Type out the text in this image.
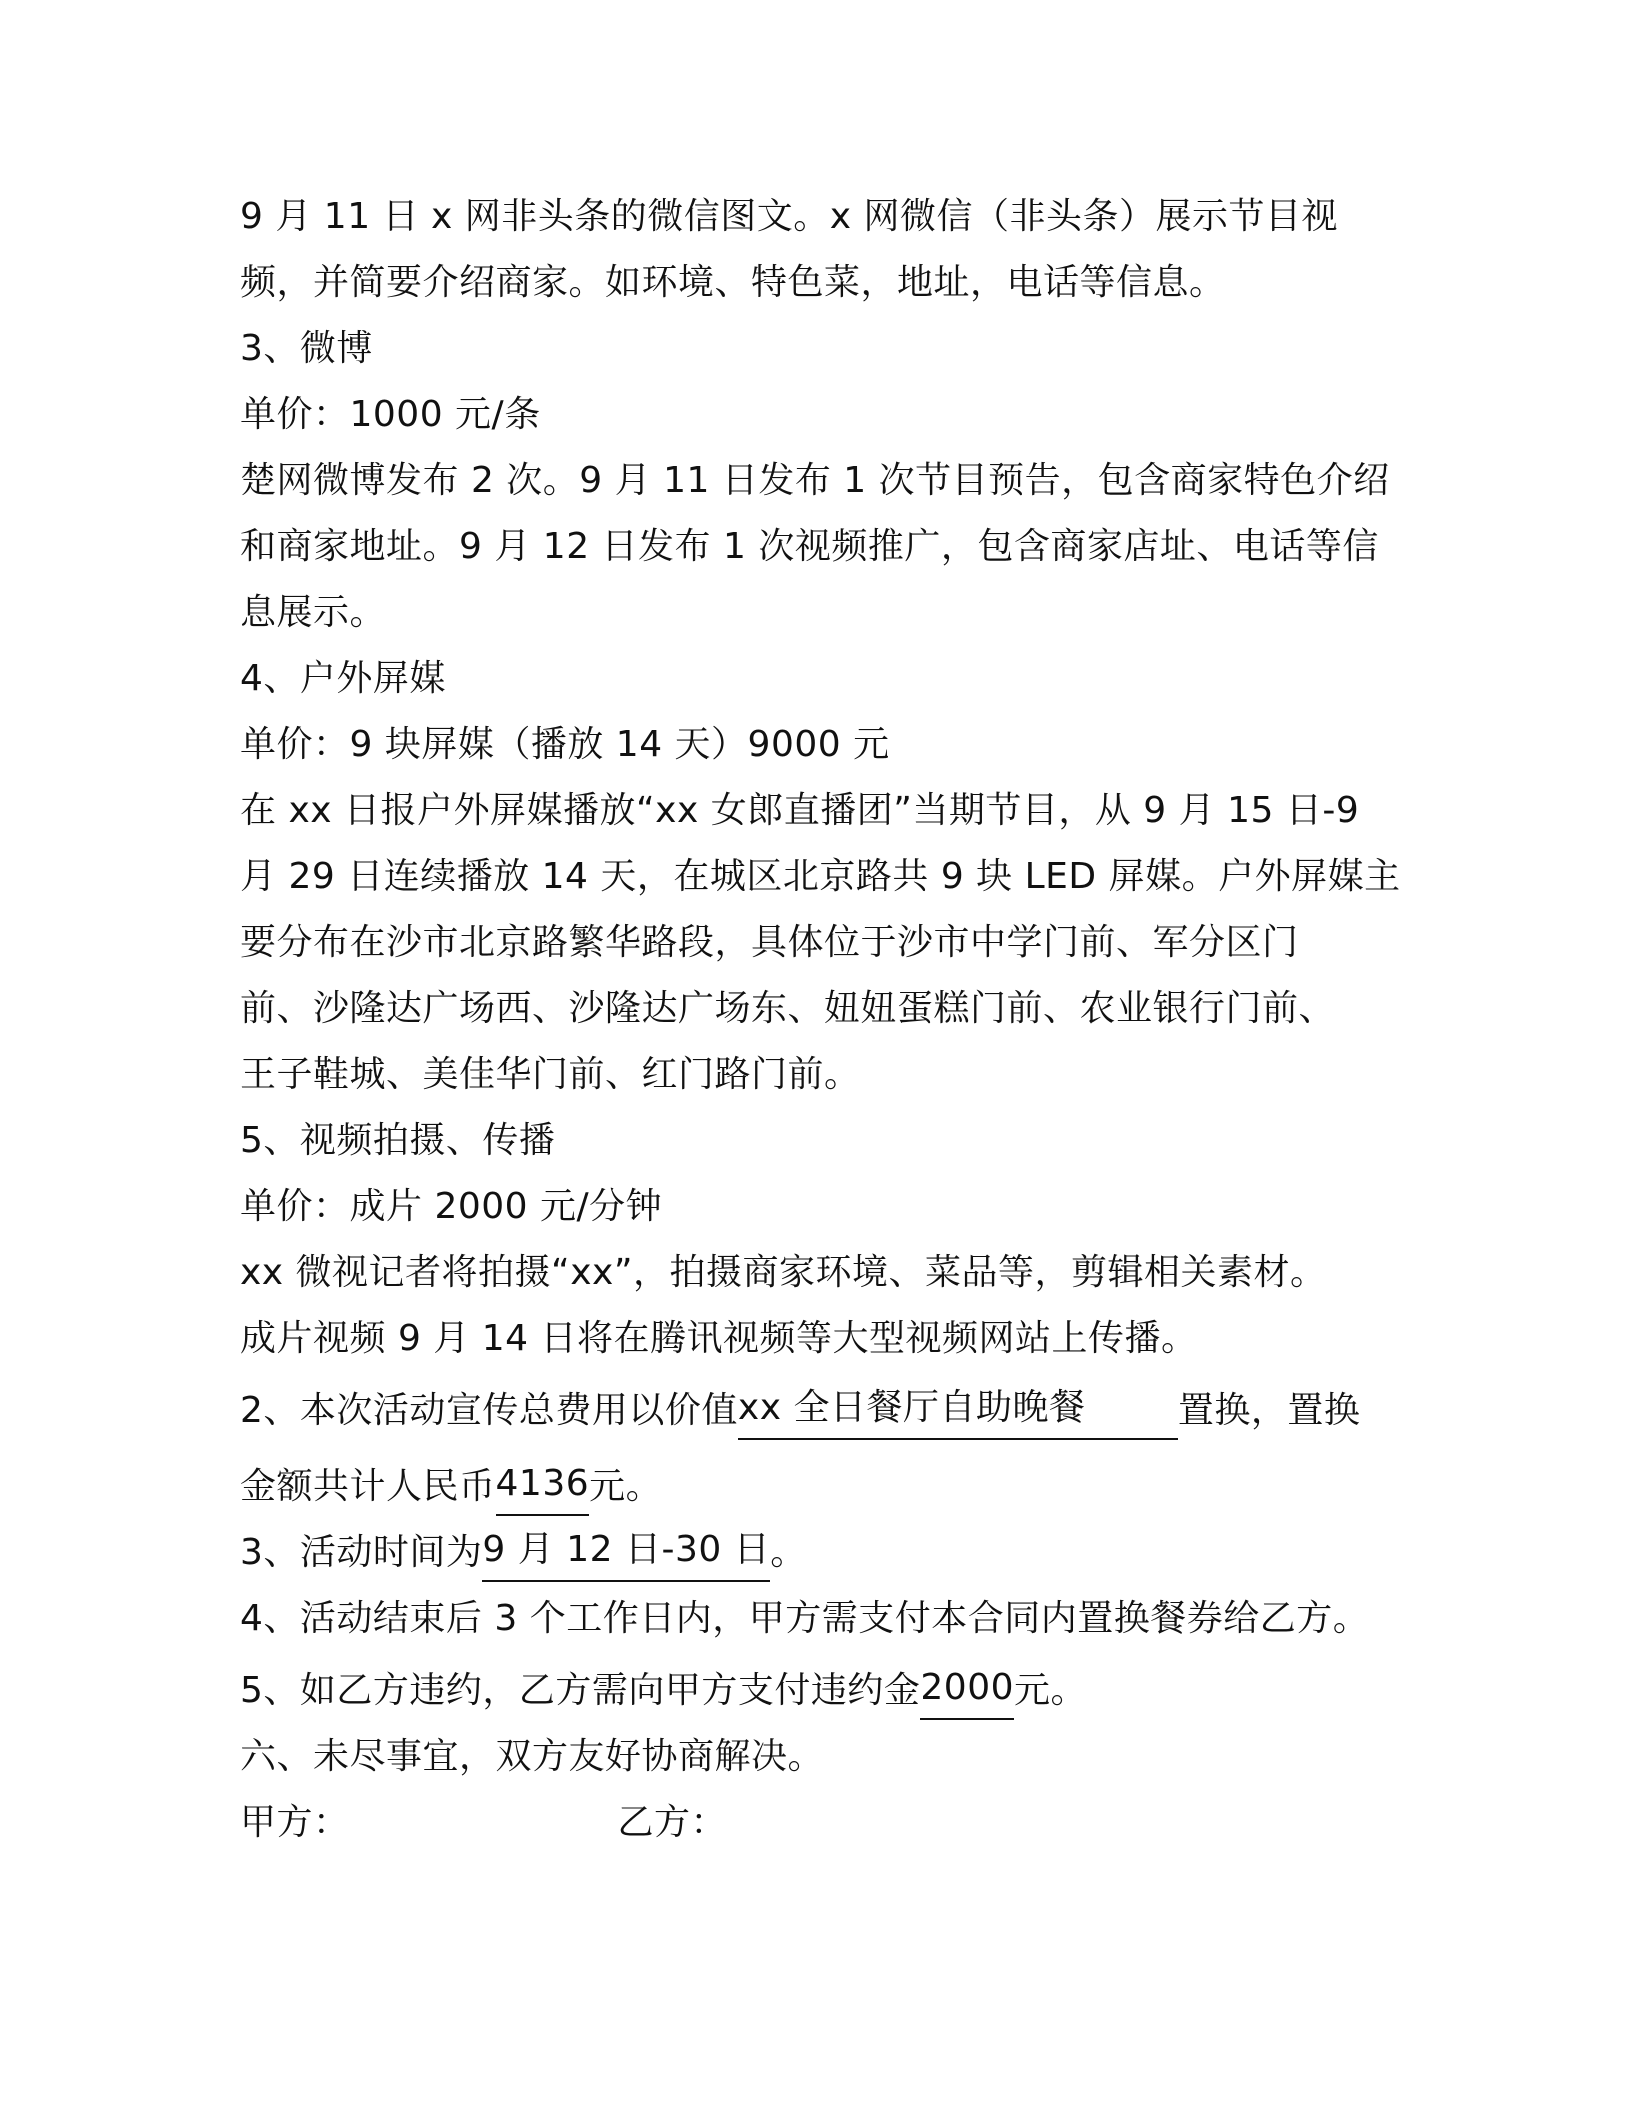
9 月 11 日 x 网非头条的微信图文。x 网微信（非头条）展示节目视
频，并简要介绍商家。如环境、特色菜，地址，电话等信息。
3、微博
单价：1000 元/条
楚网微博发布 2 次。9 月 11 日发布 1 次节目预告，包含商家特色介绍
和商家地址。9 月 12 日发布 1 次视频推广，包含商家店址、电话等信
息展示。
4、户外屏媒
单价：9 块屏媒（播放 14 天）9000 元
在 xx 日报户外屏媒播放“xx 女郎直播团”当期节目，从 9 月 15 日-9
月 29 日连续播放 14 天，在城区北京路共 9 块 LED 屏媒。户外屏媒主
要分布在沙市北京路繁华路段，具体位于沙市中学门前、军分区门
前、沙隆达广场西、沙隆达广场东、妞妞蛋糕门前、农业银行门前、
王子鞋城、美佳华门前、红门路门前。
5、视频拍摄、传播
单价：成片 2000 元/分钟
xx 微视记者将拍摄“xx”，拍摄商家环境、菜品等，剪辑相关素材。
成片视频 9 月 14 日将在腾讯视频等大型视频网站上传播。
2、本次活动宣传总费用以价值xx 全日餐厅自助晚餐	置换，置换
金额共计人民币4136元。
3、活动时间为9 月 12 日-30 日。
4、活动结束后 3 个工作日内，甲方需支付本合同内置换餐券给乙方。
5、如乙方违约，乙方需向甲方支付违约金2000元。
六、未尽事宜，双方友好协商解决。
甲方：	乙方：
